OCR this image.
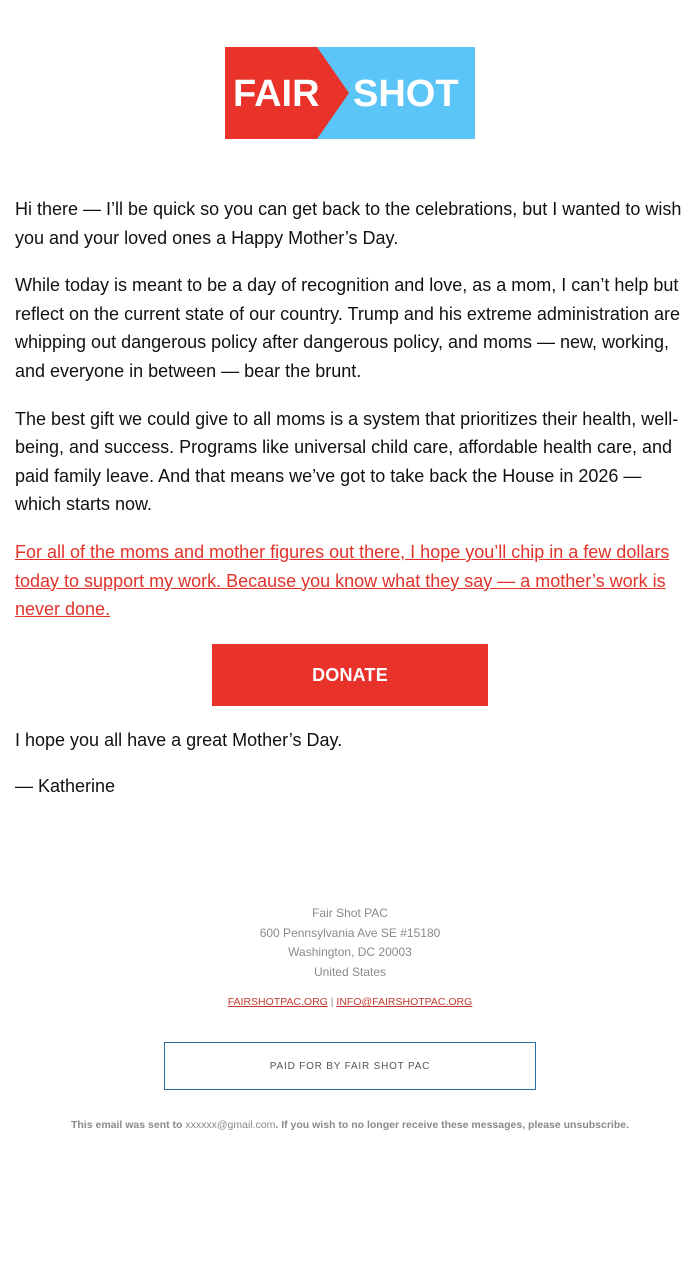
FAIR SHOT

Hi there — I’ll be quick so you can get back to the celebrations, but I wanted to wish you and your loved ones a Happy Mother’s Day.

While today is meant to be a day of recognition and love, as a mom, I can’t help but reflect on the current state of our country. Trump and his extreme administration are whipping out dangerous policy after dangerous policy, and moms — new, working, and everyone in between — bear the brunt.

The best gift we could give to all moms is a system that prioritizes their health, well-being, and success. Programs like universal child care, affordable health care, and paid family leave. And that means we’ve got to take back the House in 2026 — which starts now.

For all of the moms and mother figures out there, I hope you’ll chip in a few dollars today to support my work. Because you know what they say — a mother’s work is never done.
DONATE

I hope you all have a great Mother’s Day.

— Katherine

Fair Shot PAC
600 Pennsylvania Ave SE #15180
Washington, DC 20003
United States
FAIRSHOTPAC.ORG | INFO@FAIRSHOTPAC.ORG
PAID FOR BY FAIR SHOT PAC
This email was sent to xxxxxx@gmail.com. If you wish to no longer receive these messages, please unsubscribe.
